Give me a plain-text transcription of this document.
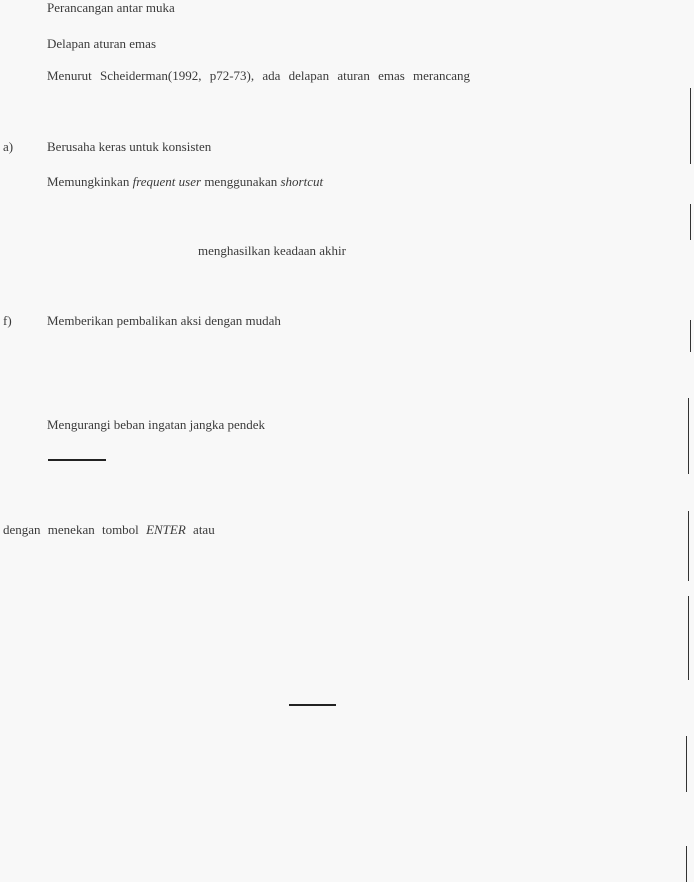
Perancangan antar muka
Delapan aturan emas
Menurut Scheiderman(1992, p72-73), ada delapan aturan emas merancang
a)	Berusaha keras untuk konsisten
Memungkinkan frequent user menggunakan shortcut
menghasilkan keadaan akhir
f)	Memberikan pembalikan aksi dengan mudah
Mengurangi beban ingatan jangka pendek
dengan menekan tombol ENTER atau
